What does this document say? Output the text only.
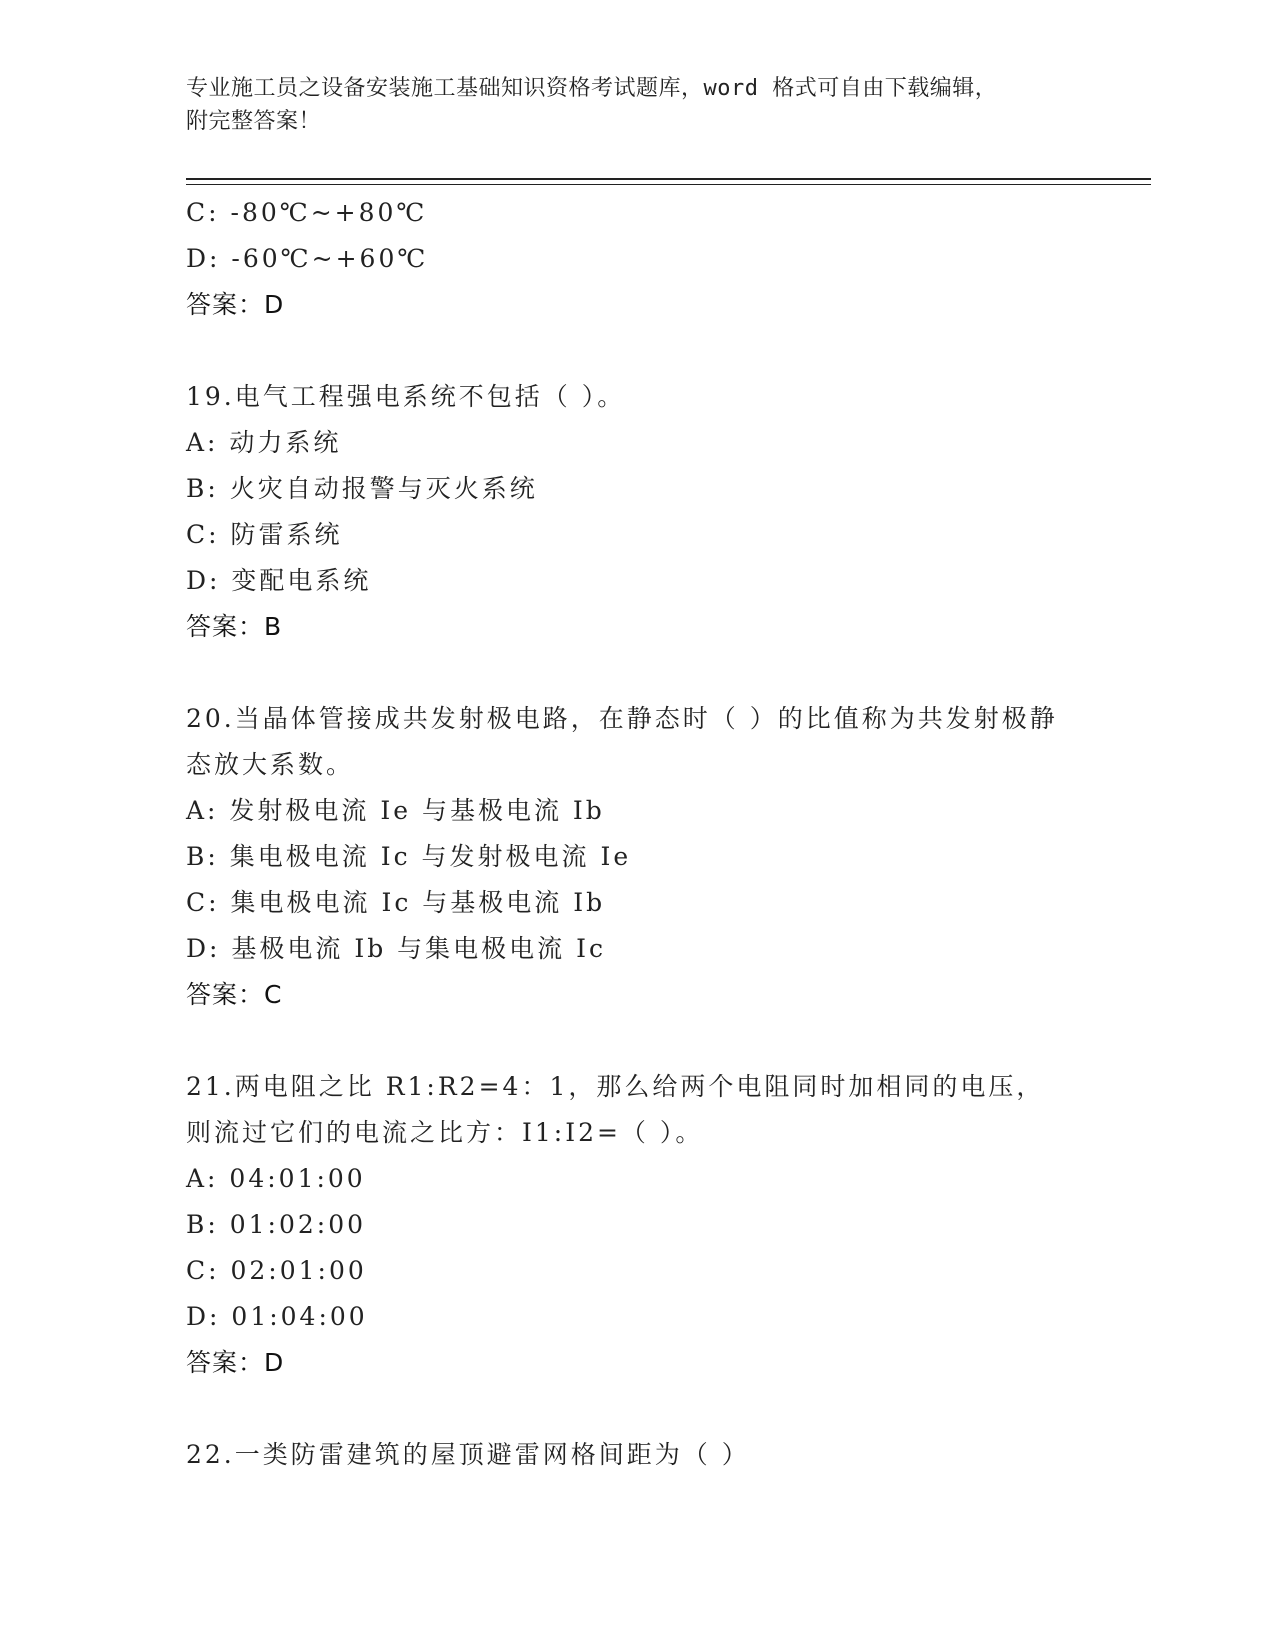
专业施工员之设备安装施工基础知识资格考试题库，word 格式可自由下载编辑，
附完整答案！
C: -80℃~+80℃
D: -60℃~+60℃
答案：D
19.电气工程强电系统不包括（ ）。
A: 动力系统
B: 火灾自动报警与灭火系统
C: 防雷系统
D: 变配电系统
答案：B
20.当晶体管接成共发射极电路，在静态时（ ）的比值称为共发射极静态放大系数。
A: 发射极电流 Ie 与基极电流 Ib
B: 集电极电流 Ic 与发射极电流 Ie
C: 集电极电流 Ic 与基极电流 Ib
D: 基极电流 Ib 与集电极电流 Ic
答案：C
21.两电阻之比 R1:R2=4：1，那么给两个电阻同时加相同的电压，则流过它们的电流之比方：I1:I2=（ ）。
A: 04:01:00
B: 01:02:00
C: 02:01:00
D: 01:04:00
答案：D
22.一类防雷建筑的屋顶避雷网格间距为（ ）
